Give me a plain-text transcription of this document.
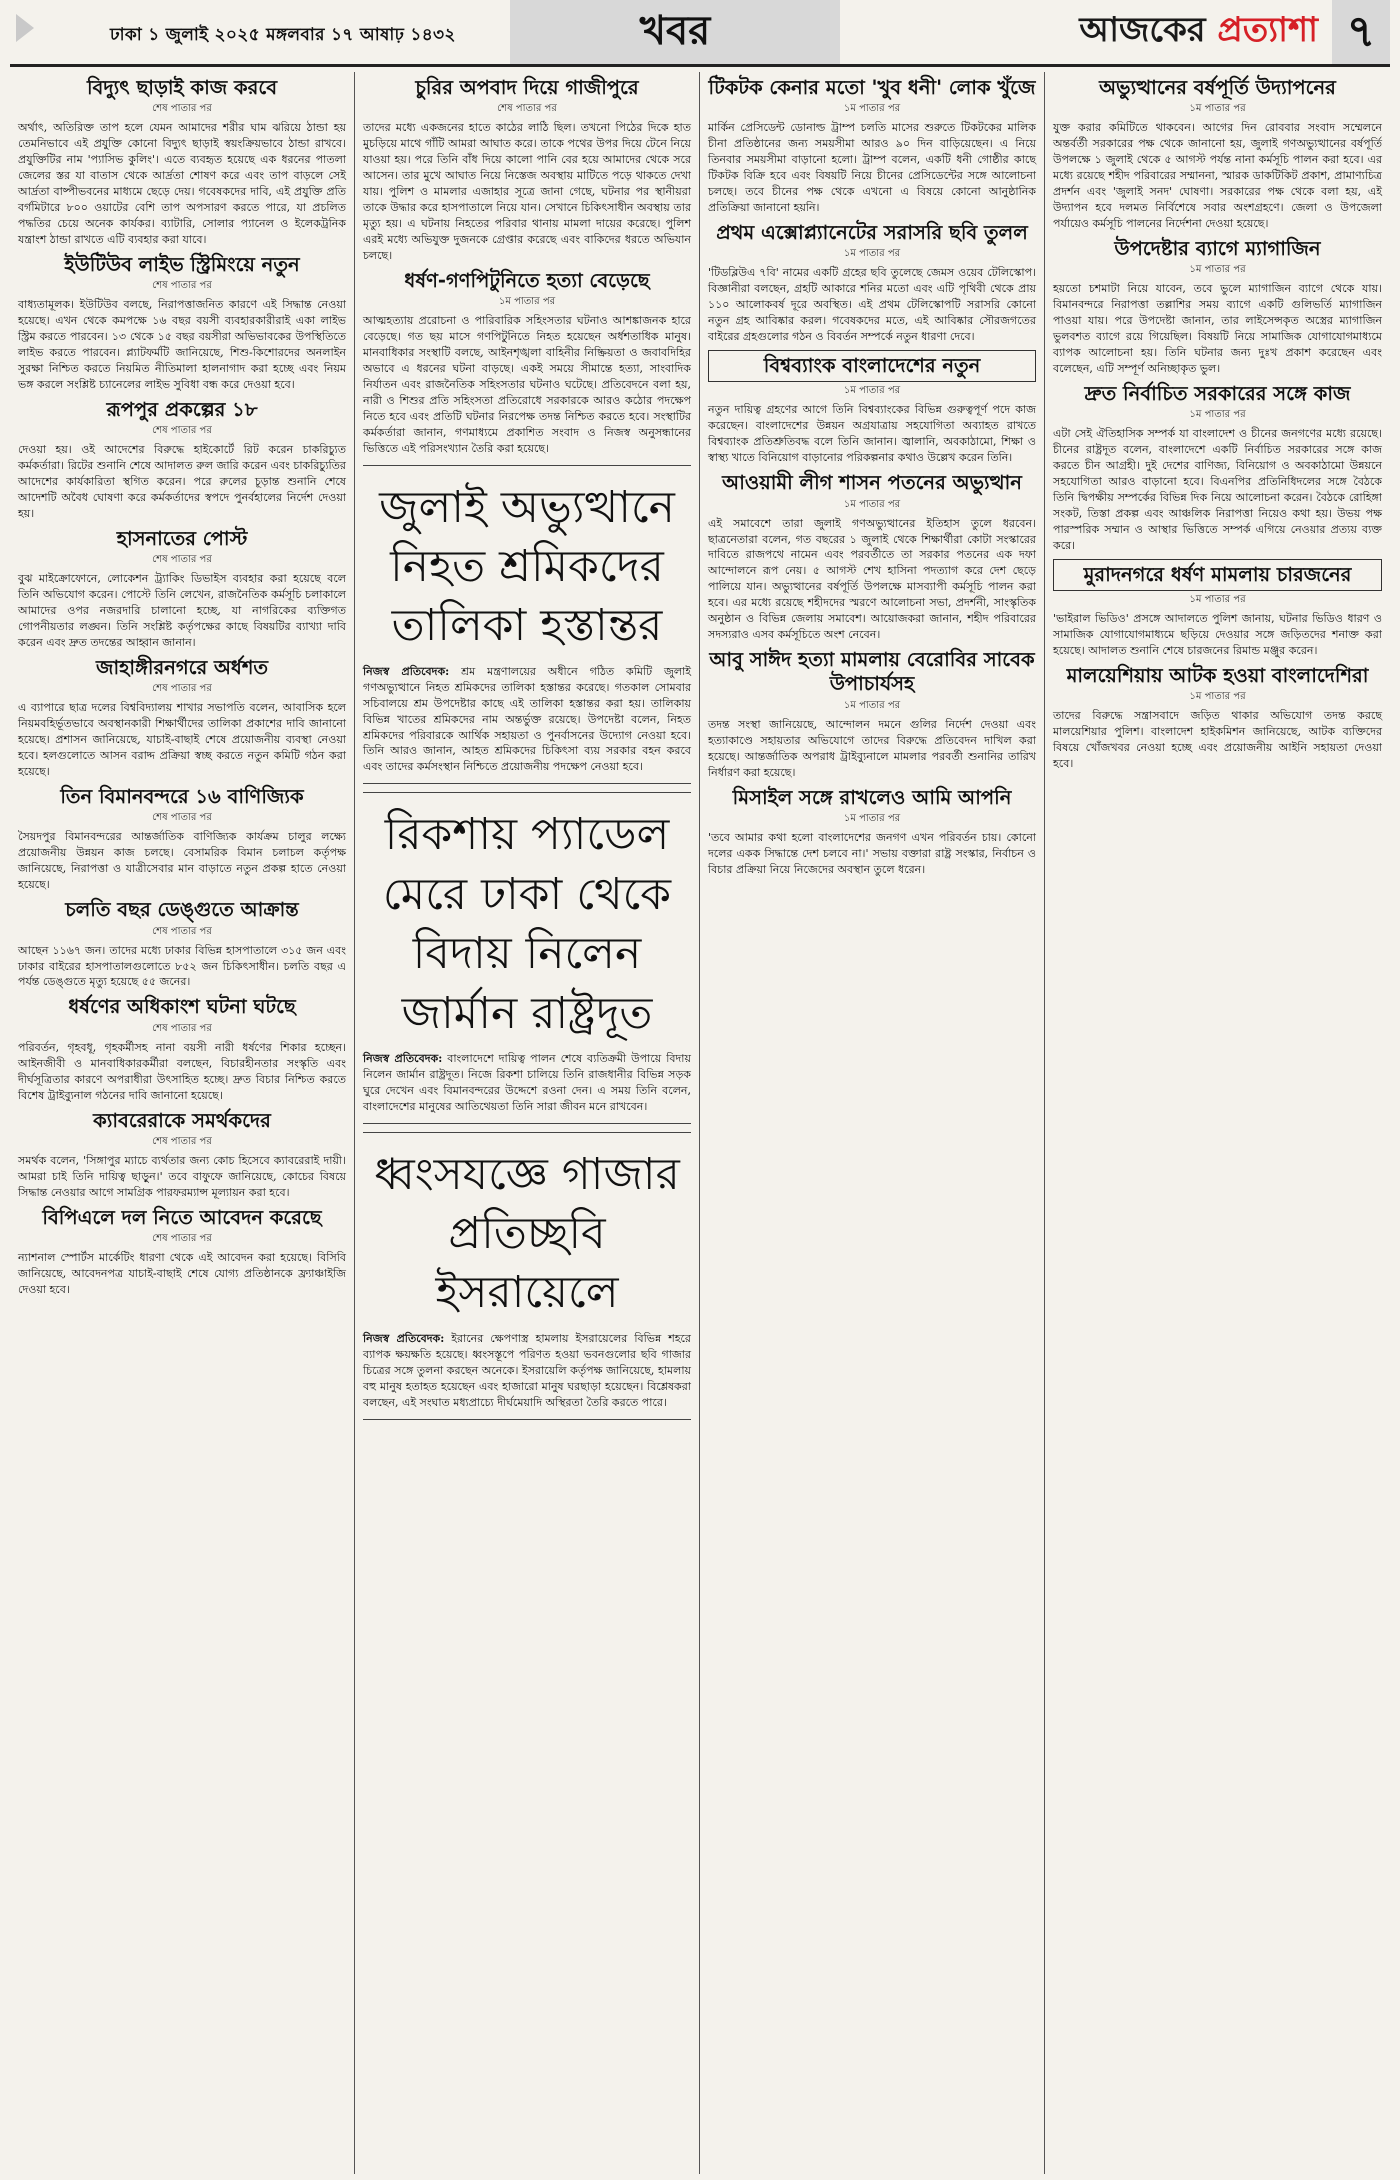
ঢাকা ১ জুলাই ২০২৫ মঙ্গলবার ১৭ আষাঢ় ১৪৩২	খবর	আজকের প্রত্যাশা ৭
বিদ্যুৎ ছাড়াই কাজ করবে
শেষ পাতার পর
অর্থাৎ, অতিরিক্ত তাপ হলে যেমন আমাদের শরীর ঘাম ঝরিয়ে ঠান্ডা হয় তেমনিভাবে এই প্রযুক্তি কোনো বিদ্যুৎ ছাড়াই স্বয়ংক্রিয়ভাবে ঠান্ডা রাখবে। প্রযুক্তিটির নাম 'প্যাসিভ কুলিং'। এতে ব্যবহৃত হয়েছে এক ধরনের পাতলা জেলের স্তর যা বাতাস থেকে আর্দ্রতা শোষণ করে এবং তাপ বাড়লে সেই আর্দ্রতা বাষ্পীভবনের মাধ্যমে ছেড়ে দেয়। গবেষকদের দাবি, এই প্রযুক্তি প্রতি বর্গমিটারে ৮০০ ওয়াটের বেশি তাপ অপসারণ করতে পারে, যা প্রচলিত পদ্ধতির চেয়ে অনেক কার্যকর। ব্যাটারি, সোলার প্যানেল ও ইলেকট্রনিক যন্ত্রাংশ ঠান্ডা রাখতে এটি ব্যবহার করা যাবে।
ইউটিউব লাইভ স্ট্রিমিংয়ে নতুন
শেষ পাতার পর
বাধ্যতামূলক। ইউটিউব বলছে, নিরাপত্তাজনিত কারণে এই সিদ্ধান্ত নেওয়া হয়েছে। এখন থেকে কমপক্ষে ১৬ বছর বয়সী ব্যবহারকারীরাই একা লাইভ স্ট্রিম করতে পারবেন। ১৩ থেকে ১৫ বছর বয়সীরা অভিভাবকের উপস্থিতিতে লাইভ করতে পারবেন। প্ল্যাটফর্মটি জানিয়েছে, শিশু-কিশোরদের অনলাইন সুরক্ষা নিশ্চিত করতে নিয়মিত নীতিমালা হালনাগাদ করা হচ্ছে এবং নিয়ম ভঙ্গ করলে সংশ্লিষ্ট চ্যানেলের লাইভ সুবিধা বন্ধ করে দেওয়া হবে।
রূপপুর প্রকল্পের ১৮
শেষ পাতার পর
দেওয়া হয়। ওই আদেশের বিরুদ্ধে হাইকোর্টে রিট করেন চাকরিচ্যুত কর্মকর্তারা। রিটের শুনানি শেষে আদালত রুল জারি করেন এবং চাকরিচ্যুতির আদেশের কার্যকারিতা স্থগিত করেন। পরে রুলের চূড়ান্ত শুনানি শেষে আদেশটি অবৈধ ঘোষণা করে কর্মকর্তাদের স্বপদে পুনর্বহালের নির্দেশ দেওয়া হয়।
হাসনাতের পোস্ট
শেষ পাতার পর
বুঝ মাইক্রোফোনে, লোকেশন ট্র্যাকিং ডিভাইস ব্যবহার করা হয়েছে বলে তিনি অভিযোগ করেন। পোস্টে তিনি লেখেন, রাজনৈতিক কর্মসূচি চলাকালে আমাদের ওপর নজরদারি চালানো হচ্ছে, যা নাগরিকের ব্যক্তিগত গোপনীয়তার লঙ্ঘন। তিনি সংশ্লিষ্ট কর্তৃপক্ষের কাছে বিষয়টির ব্যাখ্যা দাবি করেন এবং দ্রুত তদন্তের আহ্বান জানান।
জাহাঙ্গীরনগরে অর্ধশত
শেষ পাতার পর
এ ব্যাপারে ছাত্র দলের বিশ্ববিদ্যালয় শাখার সভাপতি বলেন, আবাসিক হলে নিয়মবহির্ভূতভাবে অবস্থানকারী শিক্ষার্থীদের তালিকা প্রকাশের দাবি জানানো হয়েছে। প্রশাসন জানিয়েছে, যাচাই-বাছাই শেষে প্রয়োজনীয় ব্যবস্থা নেওয়া হবে। হলগুলোতে আসন বরাদ্দ প্রক্রিয়া স্বচ্ছ করতে নতুন কমিটি গঠন করা হয়েছে।
তিন বিমানবন্দরে ১৬ বাণিজ্যিক
শেষ পাতার পর
সৈয়দপুর বিমানবন্দরের আন্তর্জাতিক বাণিজ্যিক কার্যক্রম চালুর লক্ষ্যে প্রয়োজনীয় উন্নয়ন কাজ চলছে। বেসামরিক বিমান চলাচল কর্তৃপক্ষ জানিয়েছে, নিরাপত্তা ও যাত্রীসেবার মান বাড়াতে নতুন প্রকল্প হাতে নেওয়া হয়েছে।
চলতি বছর ডেঙ্গুতে আক্রান্ত
শেষ পাতার পর
আছেন ১১৬৭ জন। তাদের মধ্যে ঢাকার বিভিন্ন হাসপাতালে ৩১৫ জন এবং ঢাকার বাইরের হাসপাতালগুলোতে ৮৫২ জন চিকিৎসাধীন। চলতি বছর এ পর্যন্ত ডেঙ্গুতে মৃত্যু হয়েছে ৫৫ জনের।
ধর্ষণের অধিকাংশ ঘটনা ঘটছে
শেষ পাতার পর
পরিবর্তন, গৃহবধূ, গৃহকর্মীসহ নানা বয়সী নারী ধর্ষণের শিকার হচ্ছেন। আইনজীবী ও মানবাধিকারকর্মীরা বলছেন, বিচারহীনতার সংস্কৃতি এবং দীর্ঘসূত্রিতার কারণে অপরাধীরা উৎসাহিত হচ্ছে। দ্রুত বিচার নিশ্চিত করতে বিশেষ ট্রাইব্যুনাল গঠনের দাবি জানানো হয়েছে।
ক্যাবরেরাকে সমর্থকদের
শেষ পাতার পর
সমর্থক বলেন, 'সিঙ্গাপুর ম্যাচে ব্যর্থতার জন্য কোচ হিসেবে ক্যাবরেরাই দায়ী। আমরা চাই তিনি দায়িত্ব ছাড়ুন।' তবে বাফুফে জানিয়েছে, কোচের বিষয়ে সিদ্ধান্ত নেওয়ার আগে সামগ্রিক পারফরম্যান্স মূল্যায়ন করা হবে।
বিপিএলে দল নিতে আবেদন করেছে
শেষ পাতার পর
ন্যাশনাল স্পোর্টস মার্কেটিং ধারণা থেকে এই আবেদন করা হয়েছে। বিসিবি জানিয়েছে, আবেদনপত্র যাচাই-বাছাই শেষে যোগ্য প্রতিষ্ঠানকে ফ্র্যাঞ্চাইজি দেওয়া হবে।
চুরির অপবাদ দিয়ে গাজীপুরে
শেষ পাতার পর
তাদের মধ্যে একজনের হাতে কাঠের লাঠি ছিল। তখনো পিঠের দিকে হাত মুচড়িয়ে মাথে গাঁটি আমরা আঘাত করে। তাকে পথের উপর দিয়ে টেনে নিয়ে যাওয়া হয়। পরে তিনি বাঁধ দিয়ে কালো পানি বের হয়ে আমাদের থেকে সরে আসেন। তার মুখে আঘাত নিয়ে নিস্তেজ অবস্থায় মাটিতে পড়ে থাকতে দেখা যায়। পুলিশ ও মামলার এজাহার সূত্রে জানা গেছে, ঘটনার পর স্থানীয়রা তাকে উদ্ধার করে হাসপাতালে নিয়ে যান। সেখানে চিকিৎসাধীন অবস্থায় তার মৃত্যু হয়। এ ঘটনায় নিহতের পরিবার থানায় মামলা দায়ের করেছে। পুলিশ এরই মধ্যে অভিযুক্ত দুজনকে গ্রেপ্তার করেছে এবং বাকিদের ধরতে অভিযান চলছে।
ধর্ষণ-গণপিটুনিতে হত্যা বেড়েছে
১ম পাতার পর
আত্মহত্যায় প্ররোচনা ও পারিবারিক সহিংসতার ঘটনাও আশঙ্কাজনক হারে বেড়েছে। গত ছয় মাসে গণপিটুনিতে নিহত হয়েছেন অর্ধশতাধিক মানুষ। মানবাধিকার সংস্থাটি বলছে, আইনশৃঙ্খলা বাহিনীর নিষ্ক্রিয়তা ও জবাবদিহির অভাবে এ ধরনের ঘটনা বাড়ছে। একই সময়ে সীমান্তে হত্যা, সাংবাদিক নির্যাতন এবং রাজনৈতিক সহিংসতার ঘটনাও ঘটেছে। প্রতিবেদনে বলা হয়, নারী ও শিশুর প্রতি সহিংসতা প্রতিরোধে সরকারকে আরও কঠোর পদক্ষেপ নিতে হবে এবং প্রতিটি ঘটনার নিরপেক্ষ তদন্ত নিশ্চিত করতে হবে। সংস্থাটির কর্মকর্তারা জানান, গণমাধ্যমে প্রকাশিত সংবাদ ও নিজস্ব অনুসন্ধানের ভিত্তিতে এই পরিসংখ্যান তৈরি করা হয়েছে।
জুলাই অভ্যুত্থানে নিহত শ্রমিকদের তালিকা হস্তান্তর
নিজস্ব প্রতিবেদক: শ্রম মন্ত্রণালয়ের অধীনে গঠিত কমিটি জুলাই গণঅভ্যুত্থানে নিহত শ্রমিকদের তালিকা হস্তান্তর করেছে। গতকাল সোমবার সচিবালয়ে শ্রম উপদেষ্টার কাছে এই তালিকা হস্তান্তর করা হয়। তালিকায় বিভিন্ন খাতের শ্রমিকদের নাম অন্তর্ভুক্ত রয়েছে। উপদেষ্টা বলেন, নিহত শ্রমিকদের পরিবারকে আর্থিক সহায়তা ও পুনর্বাসনের উদ্যোগ নেওয়া হবে। তিনি আরও জানান, আহত শ্রমিকদের চিকিৎসা ব্যয় সরকার বহন করবে এবং তাদের কর্মসংস্থান নিশ্চিতে প্রয়োজনীয় পদক্ষেপ নেওয়া হবে।
রিকশায় প্যাডেল মেরে ঢাকা থেকে বিদায় নিলেন জার্মান রাষ্ট্রদূত
নিজস্ব প্রতিবেদক: বাংলাদেশে দায়িত্ব পালন শেষে ব্যতিক্রমী উপায়ে বিদায় নিলেন জার্মান রাষ্ট্রদূত। নিজে রিকশা চালিয়ে তিনি রাজধানীর বিভিন্ন সড়ক ঘুরে দেখেন এবং বিমানবন্দরের উদ্দেশে রওনা দেন। এ সময় তিনি বলেন, বাংলাদেশের মানুষের আতিথেয়তা তিনি সারা জীবন মনে রাখবেন।
ধ্বংসযজ্ঞে গাজার প্রতিচ্ছবি ইসরায়েলে
নিজস্ব প্রতিবেদক: ইরানের ক্ষেপণাস্ত্র হামলায় ইসরায়েলের বিভিন্ন শহরে ব্যাপক ক্ষয়ক্ষতি হয়েছে। ধ্বংসস্তূপে পরিণত হওয়া ভবনগুলোর ছবি গাজার চিত্রের সঙ্গে তুলনা করছেন অনেকে। ইসরায়েলি কর্তৃপক্ষ জানিয়েছে, হামলায় বহু মানুষ হতাহত হয়েছেন এবং হাজারো মানুষ ঘরছাড়া হয়েছেন। বিশ্লেষকরা বলছেন, এই সংঘাত মধ্যপ্রাচ্যে দীর্ঘমেয়াদি অস্থিরতা তৈরি করতে পারে।
টিকটক কেনার মতো 'খুব ধনী' লোক খুঁজে
১ম পাতার পর
মার্কিন প্রেসিডেন্ট ডোনাল্ড ট্রাম্প চলতি মাসের শুরুতে টিকটকের মালিক চীনা প্রতিষ্ঠানের জন্য সময়সীমা আরও ৯০ দিন বাড়িয়েছেন। এ নিয়ে তিনবার সময়সীমা বাড়ানো হলো। ট্রাম্প বলেন, একটি ধনী গোষ্ঠীর কাছে টিকটক বিক্রি হবে এবং বিষয়টি নিয়ে চীনের প্রেসিডেন্টের সঙ্গে আলোচনা চলছে। তবে চীনের পক্ষ থেকে এখনো এ বিষয়ে কোনো আনুষ্ঠানিক প্রতিক্রিয়া জানানো হয়নি।
প্রথম এক্সোপ্ল্যানেটের সরাসরি ছবি তুলল
১ম পাতার পর
'টিডব্লিউএ ৭বি' নামের একটি গ্রহের ছবি তুলেছে জেমস ওয়েব টেলিস্কোপ। বিজ্ঞানীরা বলছেন, গ্রহটি আকারে শনির মতো এবং এটি পৃথিবী থেকে প্রায় ১১০ আলোকবর্ষ দূরে অবস্থিত। এই প্রথম টেলিস্কোপটি সরাসরি কোনো নতুন গ্রহ আবিষ্কার করল। গবেষকদের মতে, এই আবিষ্কার সৌরজগতের বাইরের গ্রহগুলোর গঠন ও বিবর্তন সম্পর্কে নতুন ধারণা দেবে।
বিশ্বব্যাংক বাংলাদেশের নতুন
১ম পাতার পর
নতুন দায়িত্ব গ্রহণের আগে তিনি বিশ্বব্যাংকের বিভিন্ন গুরুত্বপূর্ণ পদে কাজ করেছেন। বাংলাদেশের উন্নয়ন অগ্রযাত্রায় সহযোগিতা অব্যাহত রাখতে বিশ্বব্যাংক প্রতিশ্রুতিবদ্ধ বলে তিনি জানান। জ্বালানি, অবকাঠামো, শিক্ষা ও স্বাস্থ্য খাতে বিনিয়োগ বাড়ানোর পরিকল্পনার কথাও উল্লেখ করেন তিনি।
আওয়ামী লীগ শাসন পতনের অভ্যুত্থান
১ম পাতার পর
এই সমাবেশে তারা জুলাই গণঅভ্যুত্থানের ইতিহাস তুলে ধরবেন। ছাত্রনেতারা বলেন, গত বছরের ১ জুলাই থেকে শিক্ষার্থীরা কোটা সংস্কারের দাবিতে রাজপথে নামেন এবং পরবর্তীতে তা সরকার পতনের এক দফা আন্দোলনে রূপ নেয়। ৫ আগস্ট শেখ হাসিনা পদত্যাগ করে দেশ ছেড়ে পালিয়ে যান। অভ্যুত্থানের বর্ষপূর্তি উপলক্ষে মাসব্যাপী কর্মসূচি পালন করা হবে। এর মধ্যে রয়েছে শহীদদের স্মরণে আলোচনা সভা, প্রদর্শনী, সাংস্কৃতিক অনুষ্ঠান ও বিভিন্ন জেলায় সমাবেশ। আয়োজকরা জানান, শহীদ পরিবারের সদস্যরাও এসব কর্মসূচিতে অংশ নেবেন।
আবু সাঈদ হত্যা মামলায় বেরোবির সাবেক উপাচার্যসহ
১ম পাতার পর
তদন্ত সংস্থা জানিয়েছে, আন্দোলন দমনে গুলির নির্দেশ দেওয়া এবং হত্যাকাণ্ডে সহায়তার অভিযোগে তাদের বিরুদ্ধে প্রতিবেদন দাখিল করা হয়েছে। আন্তর্জাতিক অপরাধ ট্রাইব্যুনালে মামলার পরবর্তী শুনানির তারিখ নির্ধারণ করা হয়েছে।
মিসাইল সঙ্গে রাখলেও আমি আপনি
১ম পাতার পর
'তবে আমার কথা হলো বাংলাদেশের জনগণ এখন পরিবর্তন চায়। কোনো দলের একক সিদ্ধান্তে দেশ চলবে না।' সভায় বক্তারা রাষ্ট্র সংস্কার, নির্বাচন ও বিচার প্রক্রিয়া নিয়ে নিজেদের অবস্থান তুলে ধরেন।
অভ্যুত্থানের বর্ষপূর্তি উদ্যাপনের
১ম পাতার পর
যুক্ত করার কমিটিতে থাকবেন। আগের দিন রোববার সংবাদ সম্মেলনে অন্তর্বর্তী সরকারের পক্ষ থেকে জানানো হয়, জুলাই গণঅভ্যুত্থানের বর্ষপূর্তি উপলক্ষে ১ জুলাই থেকে ৫ আগস্ট পর্যন্ত নানা কর্মসূচি পালন করা হবে। এর মধ্যে রয়েছে শহীদ পরিবারের সম্মাননা, স্মারক ডাকটিকিট প্রকাশ, প্রামাণ্যচিত্র প্রদর্শন এবং 'জুলাই সনদ' ঘোষণা। সরকারের পক্ষ থেকে বলা হয়, এই উদ্যাপন হবে দলমত নির্বিশেষে সবার অংশগ্রহণে। জেলা ও উপজেলা পর্যায়েও কর্মসূচি পালনের নির্দেশনা দেওয়া হয়েছে।
উপদেষ্টার ব্যাগে ম্যাগাজিন
১ম পাতার পর
হয়তো চশমাটা নিয়ে যাবেন, তবে ভুলে ম্যাগাজিন ব্যাগে থেকে যায়। বিমানবন্দরে নিরাপত্তা তল্লাশির সময় ব্যাগে একটি গুলিভর্তি ম্যাগাজিন পাওয়া যায়। পরে উপদেষ্টা জানান, তার লাইসেন্সকৃত অস্ত্রের ম্যাগাজিন ভুলবশত ব্যাগে রয়ে গিয়েছিল। বিষয়টি নিয়ে সামাজিক যোগাযোগমাধ্যমে ব্যাপক আলোচনা হয়। তিনি ঘটনার জন্য দুঃখ প্রকাশ করেছেন এবং বলেছেন, এটি সম্পূর্ণ অনিচ্ছাকৃত ভুল।
দ্রুত নির্বাচিত সরকারের সঙ্গে কাজ
১ম পাতার পর
এটা সেই ঐতিহাসিক সম্পর্ক যা বাংলাদেশ ও চীনের জনগণের মধ্যে রয়েছে। চীনের রাষ্ট্রদূত বলেন, বাংলাদেশে একটি নির্বাচিত সরকারের সঙ্গে কাজ করতে চীন আগ্রহী। দুই দেশের বাণিজ্য, বিনিয়োগ ও অবকাঠামো উন্নয়নে সহযোগিতা আরও বাড়ানো হবে। বিএনপির প্রতিনিধিদলের সঙ্গে বৈঠকে তিনি দ্বিপক্ষীয় সম্পর্কের বিভিন্ন দিক নিয়ে আলোচনা করেন। বৈঠকে রোহিঙ্গা সংকট, তিস্তা প্রকল্প এবং আঞ্চলিক নিরাপত্তা নিয়েও কথা হয়। উভয় পক্ষ পারস্পরিক সম্মান ও আস্থার ভিত্তিতে সম্পর্ক এগিয়ে নেওয়ার প্রত্যয় ব্যক্ত করে।
মুরাদনগরে ধর্ষণ মামলায় চারজনের
১ম পাতার পর
'ভাইরাল ভিডিও' প্রসঙ্গে আদালতে পুলিশ জানায়, ঘটনার ভিডিও ধারণ ও সামাজিক যোগাযোগমাধ্যমে ছড়িয়ে দেওয়ার সঙ্গে জড়িতদের শনাক্ত করা হয়েছে। আদালত শুনানি শেষে চারজনের রিমান্ড মঞ্জুর করেন।
মালয়েশিয়ায় আটক হওয়া বাংলাদেশিরা
১ম পাতার পর
তাদের বিরুদ্ধে সন্ত্রাসবাদে জড়িত থাকার অভিযোগ তদন্ত করছে মালয়েশিয়ার পুলিশ। বাংলাদেশ হাইকমিশন জানিয়েছে, আটক ব্যক্তিদের বিষয়ে খোঁজখবর নেওয়া হচ্ছে এবং প্রয়োজনীয় আইনি সহায়তা দেওয়া হবে।
